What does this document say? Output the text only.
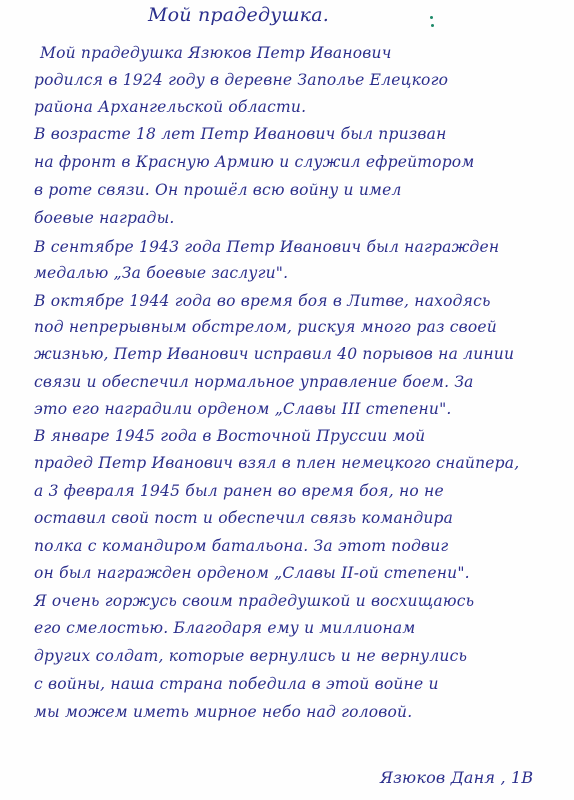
Мой прадедушка.
Мой прадедушка Язюков Петр Иванович
родился в 1924 году в деревне Заполье Елецкого
района Архангельской области.
В возрасте 18 лет Петр Иванович был призван
на фронт в Красную Армию и служил ефрейтором
в роте связи. Он прошёл всю войну и имел
боевые награды.
В сентябре 1943 года Петр Иванович был награжден
медалью „За боевые заслуги".
В октябре 1944 года во время боя в Литве, находясь
под непрерывным обстрелом, рискуя много раз своей
жизнью, Петр Иванович исправил 40 порывов на линии
связи и обеспечил нормальное управление боем. За
это его наградили орденом „Славы III степени".
В январе 1945 года в Восточной Пруссии мой
прадед Петр Иванович взял в плен немецкого снайпера,
а 3 февраля 1945 был ранен во время боя, но не
оставил свой пост и обеспечил связь командира
полка с командиром батальона. За этот подвиг
он был награжден орденом „Славы II-ой степени".
Я очень горжусь своим прадедушкой и восхищаюсь
его смелостью. Благодаря ему и миллионам
других солдат, которые вернулись и не вернулись
с войны, наша страна победила в этой войне и
мы можем иметь мирное небо над головой.
Язюков Даня , 1В
